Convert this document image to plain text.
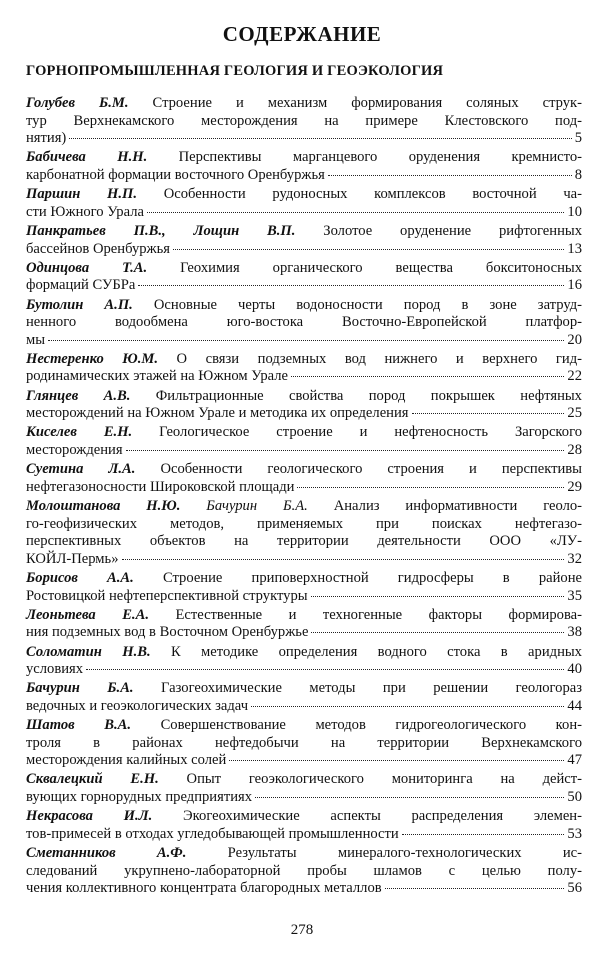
СОДЕРЖАНИЕ
ГОРНОПРОМЫШЛЕННАЯ ГЕОЛОГИЯ И ГЕОЭКОЛОГИЯ
Голубев Б.М. Строение и механизм формирования соляных струк-
тур Верхнекамского месторождения на примере Клестовского под-
нятия)	5
Бабичева Н.Н. Перспективы марганцевого оруденения кремнисто-
карбонатной формации восточного Оренбуржья	8
Паршин Н.П. Особенности рудоносных комплексов восточной ча-
сти Южного Урала	10
Панкратьев П.В., Лощин В.П. Золотое оруденение рифтогенных
бассейнов Оренбуржья	13
Одинцова Т.А. Геохимия органического вещества бокситоносных
формаций СУБРа	16
Бутолин А.П. Основные черты водоносности пород в зоне затруд-
ненного водообмена юго-востока Восточно-Европейской платфор-
мы	20
Нестеренко Ю.М. О связи подземных вод нижнего и верхнего гид-
родинамических этажей на Южном Урале	22
Глянцев А.В. Фильтрационные свойства пород покрышек нефтяных
месторождений на Южном Урале и методика их определения	25
Киселев Е.Н. Геологическое строение и нефтеносность Загорского
месторождения	28
Суетина Л.А. Особенности геологического строения и перспективы
нефтегазоносности Широковской площади	29
Молоштанова Н.Ю. Бачурин Б.А. Анализ информативности геоло-
го-геофизических методов, применяемых при поисках нефтегазо-
перспективных объектов на территории деятельности ООО «ЛУ-
КОЙЛ-Пермь»	32
Борисов А.А. Строение приповерхностной гидросферы в районе
Ростовицкой нефтеперспективной структуры	35
Леоньтева Е.А. Естественные и техногенные факторы формирова-
ния подземных вод в Восточном Оренбуржье	38
Соломатин Н.В. К методике определения водного стока в аридных
условиях	40
Бачурин Б.А. Газогеохимические методы при решении геологораз
ведочных и геоэкологических задач	44
Шатов В.А. Совершенствование методов гидрогеологического кон-
троля в районах нефтедобычи на территории Верхнекамского
месторождения калийных солей	47
Сквалецкий Е.Н. Опыт геоэкологического мониторинга на дейст-
вующих горнорудных предприятиях	50
Некрасова И.Л. Экогеохимические аспекты распределения элемен-
тов-примесей в отходах угледобывающей промышленности	53
Сметанников А.Ф.	Результаты минералого-технологических ис-
следований укрупнено-лабораторной пробы шламов с целью полу-
чения коллективного концентрата благородных металлов	56
278
